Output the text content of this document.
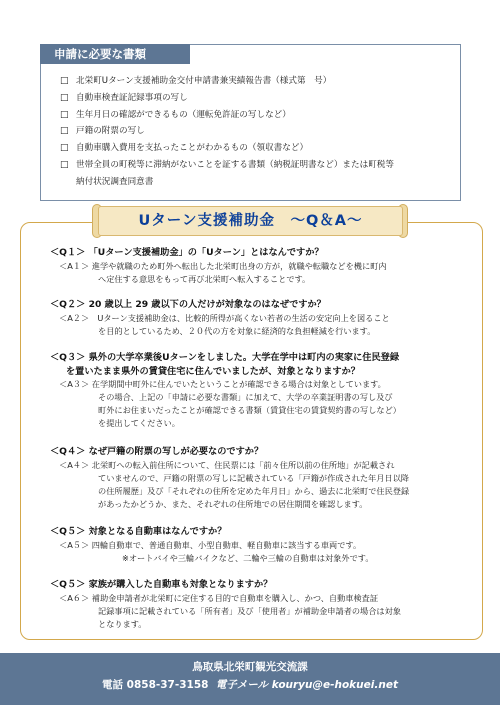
申請に必要な書類
□ 北栄町Uターン支援補助金交付申請書兼実績報告書（様式第　号）
□ 自動車検査証記録事項の写し
□ 生年月日の確認ができるもの（運転免許証の写しなど）
□ 戸籍の附票の写し
□ 自動車購入費用を支払ったことがわかるもの（領収書など）
□ 世帯全員の町税等に滞納がないことを証する書類（納税証明書など）または町税等
納付状況調査同意書
Uターン支援補助金　～Q＆A～
＜Q１＞ 「Uターン支援補助金」の「Uターン」とはなんですか？
＜A１＞ 進学や就職のため町外へ転出した北栄町出身の方が，就職や転職などを機に町内
へ定住する意思をもって再び北栄町へ転入することです。
＜Q２＞ 20 歳以上 29 歳以下の人だけが対象なのはなぜですか？
＜A２＞　Uターン支援補助金は、比較的所得が高くない若者の生活の安定向上を図ること
を目的としているため、２０代の方を対象に経済的な負担軽減を行います。
＜Q３＞ 県外の大学卒業後Uターンをしました。大学在学中は町内の実家に住民登録
を置いたまま県外の賃貸住宅に住んでいましたが、対象となりますか？
＜A３＞ 在学期間中町外に住んでいたということが確認できる場合は対象としています。
その場合、上記の「申請に必要な書類」に加えて、大学の卒業証明書の写し及び
町外にお住まいだったことが確認できる書類（賃貸住宅の賃貸契約書の写しなど）
を提出してください。
＜Q４＞ なぜ戸籍の附票の写しが必要なのですか？
＜A４＞ 北栄町への転入前住所について、住民票には「前々住所以前の住所地」が記載され
ていませんので、戸籍の附票の写しに記載されている「戸籍が作成された年月日以降
の住所履歴」及び「それぞれの住所を定めた年月日」から、過去に北栄町で住民登録
があったかどうか、また、それぞれの住所地での居住期間を確認します。
＜Q５＞ 対象となる自動車はなんですか？
＜A５＞ 四輪自動車で、普通自動車、小型自動車、軽自動車に該当する車両です。
※オートバイや三輪バイクなど、二輪や三輪の自動車は対象外です。
＜Q５＞ 家族が購入した自動車も対象となりますか？
＜A６＞ 補助金申請者が北栄町に定住する目的で自動車を購入し、かつ、自動車検査証
記録事項に記載されている「所有者」及び「使用者」が補助金申請者の場合は対象
となります。
鳥取県北栄町観光交流課
電話 0858-37-3158 電子メール kouryu@e-hokuei.net
